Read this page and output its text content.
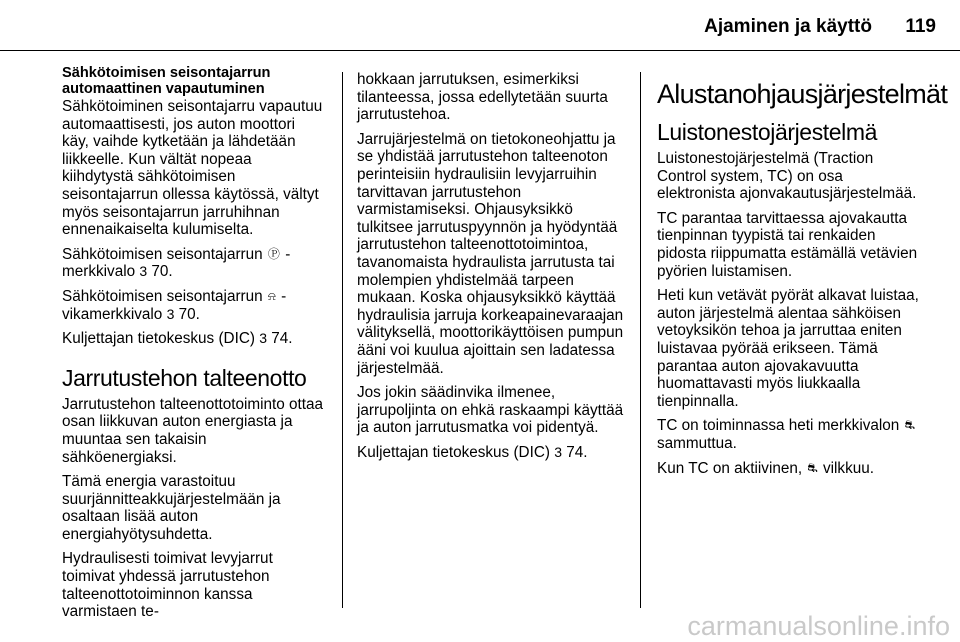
Ajaminen ja käyttö	119
Sähkötoimisen seisontajarrun automaattinen vapautuminen

Sähkötoiminen seisontajarru vapautuu automaattisesti, jos auton moottori käy, vaihde kytketään ja lähdetään liikkeelle. Kun vältät nopeaa kiihdytystä sähkötoimisen seisontajarrun ollessa käytössä, vältyt myös seisontajarrun jarruhihnan ennenaikaiselta kulumiselta.

Sähkötoimisen seisontajarrun Ⓟ -merkkivalo 3 70.

Sähkötoimisen seisontajarrun ⍾ -vikamerkkivalo 3 70.

Kuljettajan tietokeskus (DIC) 3 74.

Jarrutustehon talteenotto

Jarrutustehon talteenottotoiminto ottaa osan liikkuvan auton energiasta ja muuntaa sen takaisin sähköenergiaksi.

Tämä energia varastoituu suurjännitteakkujärjestelmään ja osaltaan lisää auton energiahyötysuhdetta.

Hydraulisesti toimivat levyjarrut toimivat yhdessä jarrutustehon talteenottotoiminnon kanssa varmistaen te-

hokkaan jarrutuksen, esimerkiksi tilanteessa, jossa edellytetään suurta jarrutustehoa.

Jarrujärjestelmä on tietokoneohjattu ja se yhdistää jarrutustehon talteenoton perinteisiin hydraulisiin levyjarruihin tarvittavan jarrutustehon varmistamiseksi. Ohjausyksikkö tulkitsee jarrutuspyynnön ja hyödyntää jarrutustehon talteenottotoimintoa, tavanomaista hydraulista jarrutusta tai molempien yhdistelmää tarpeen mukaan. Koska ohjausyksikkö käyttää hydraulisia jarruja korkeapainevaraajan välityksellä, moottorikäyttöisen pumpun ääni voi kuulua ajoittain sen ladatessa järjestelmää.

Jos jokin säädinvika ilmenee, jarrupoljinta on ehkä raskaampi käyttää ja auton jarrutusmatka voi pidentyä.

Kuljettajan tietokeskus (DIC) 3 74.

Alustanohjausjärjestelmät
Luistonestojärjestelmä

Luistonestojärjestelmä (Traction Control system, TC) on osa elektronista ajonvakautusjärjestelmää.

TC parantaa tarvittaessa ajovakautta tienpinnan tyypistä tai renkaiden pidosta riippumatta estämällä vetävien pyörien luistamisen.

Heti kun vetävät pyörät alkavat luistaa, auton järjestelmä alentaa sähköisen vetoyksikön tehoa ja jarruttaa eniten luistavaa pyörää erikseen. Tämä parantaa auton ajovakavuutta huomattavasti myös liukkaalla tienpinnalla.

TC on toiminnassa heti merkkivalon ⛐ sammuttua.

Kun TC on aktiivinen, ⛐ vilkkuu.

carmanualsonline.info
